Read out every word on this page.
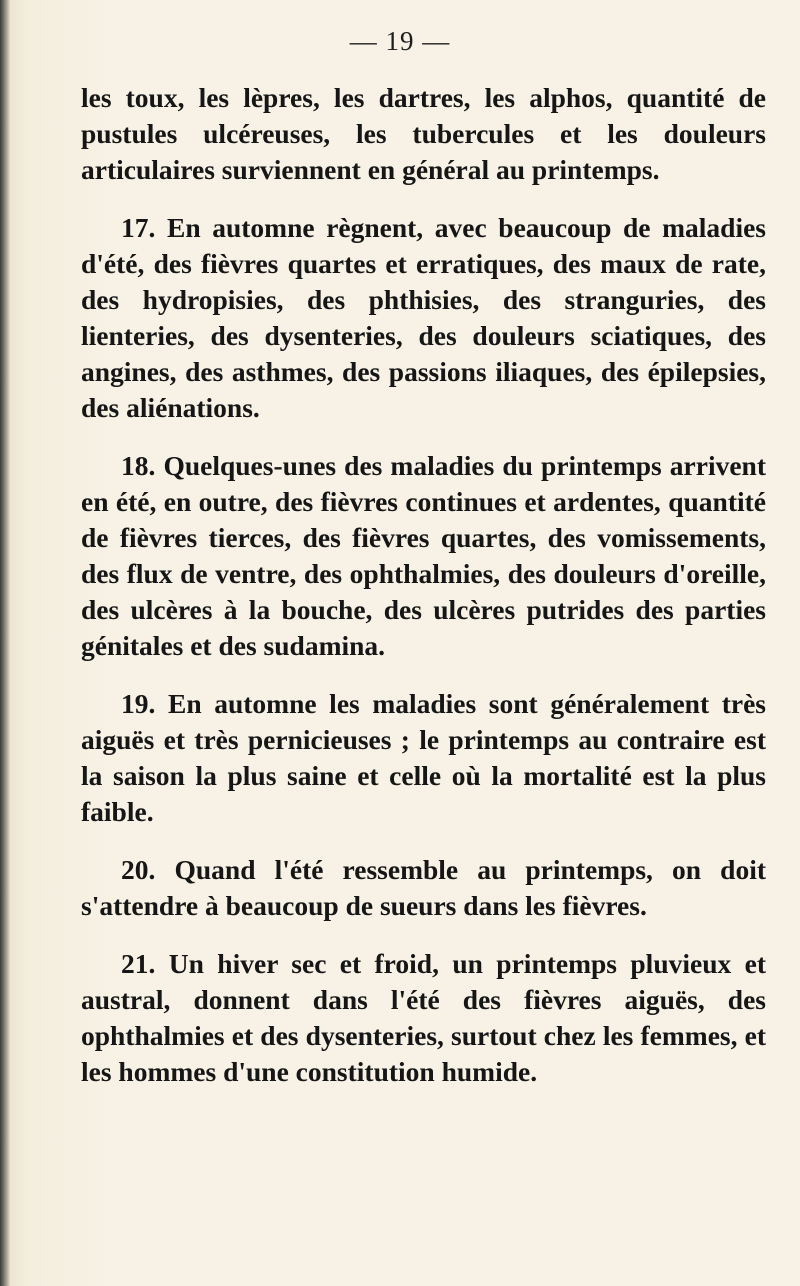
— 19 —

les toux, les lèpres, les dartres, les alphos, quantité de pustules ulcéreuses, les tubercules et les douleurs articulaires surviennent en général au printemps.

17. En automne règnent, avec beaucoup de maladies d'été, des fièvres quartes et erratiques, des maux de rate, des hydropisies, des phthisies, des stranguries, des lienteries, des dysenteries, des douleurs sciatiques, des angines, des asthmes, des passions iliaques, des épilepsies, des aliénations.

18. Quelques-unes des maladies du printemps arrivent en été, en outre, des fièvres continues et ardentes, quantité de fièvres tierces, des fièvres quartes, des vomissements, des flux de ventre, des ophthalmies, des douleurs d'oreille, des ulcères à la bouche, des ulcères putrides des parties génitales et des sudamina.

19. En automne les maladies sont généralement très aiguës et très pernicieuses ; le printemps au contraire est la saison la plus saine et celle où la mortalité est la plus faible.

20. Quand l'été ressemble au printemps, on doit s'attendre à beaucoup de sueurs dans les fièvres.

21. Un hiver sec et froid, un printemps pluvieux et austral, donnent dans l'été des fièvres aiguës, des ophthalmies et des dysenteries, surtout chez les femmes, et les hommes d'une constitution humide.
